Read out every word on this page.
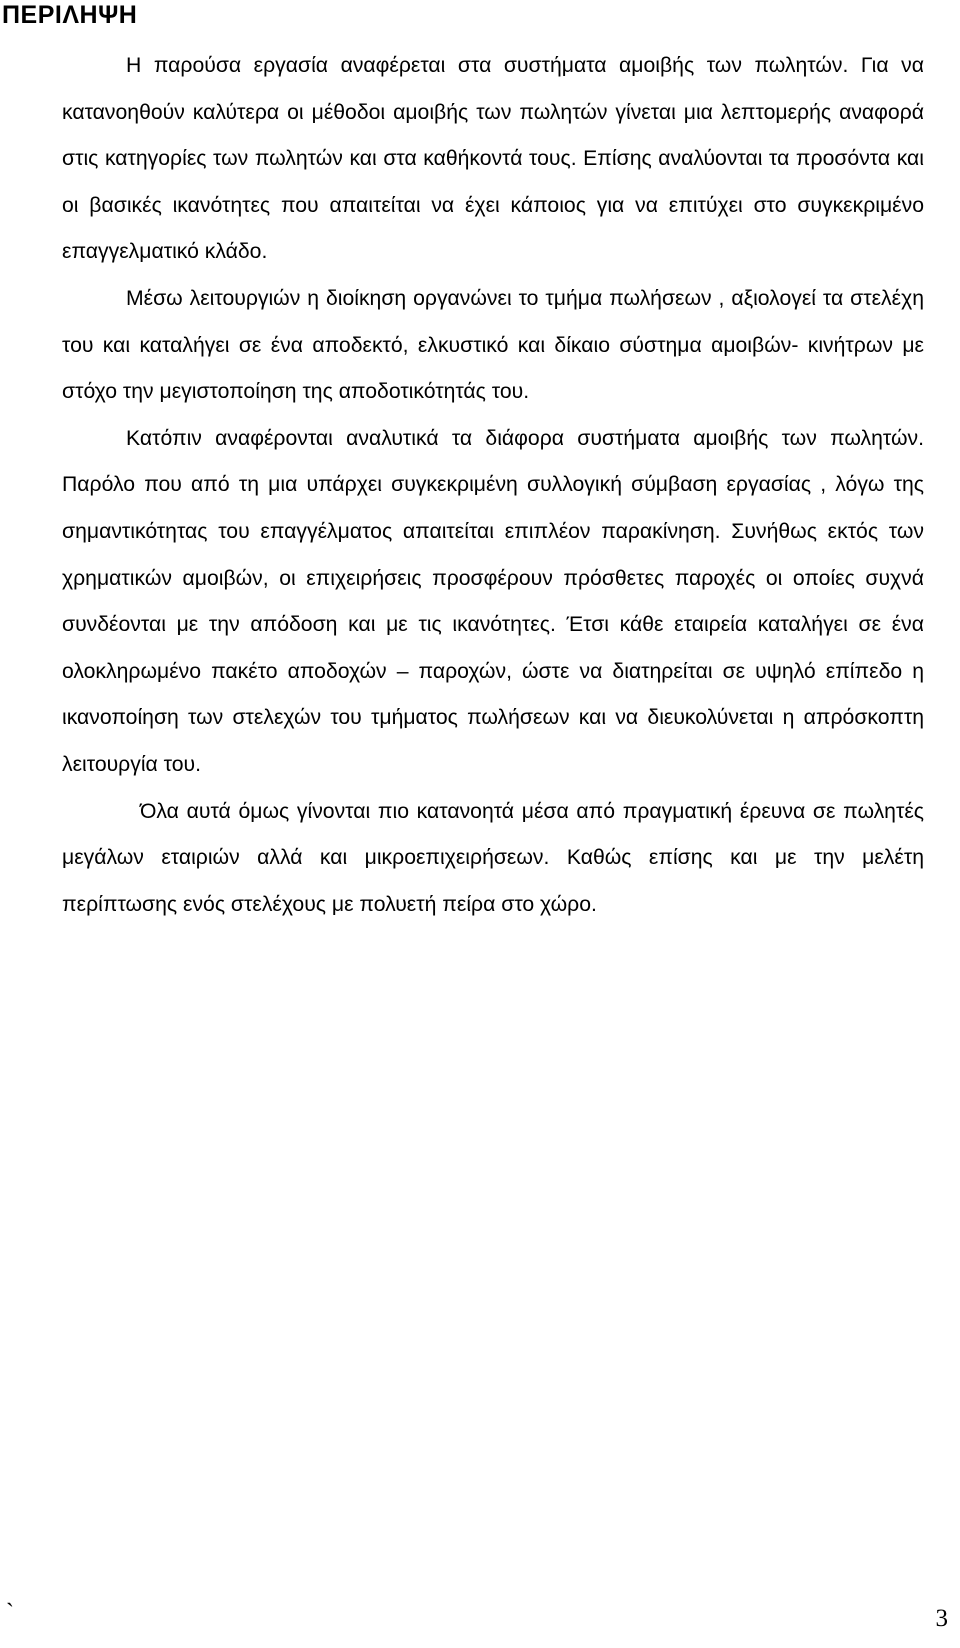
ΠΕΡΙΛΗΨΗ

Η παρούσα εργασία αναφέρεται στα συστήματα αμοιβής των πωλητών. Για να κατανοηθούν καλύτερα οι μέθοδοι αμοιβής των πωλητών γίνεται μια λεπτομερής αναφορά στις κατηγορίες των πωλητών και στα καθήκοντά τους. Επίσης αναλύονται τα προσόντα και οι βασικές ικανότητες που απαιτείται να έχει κάποιος για να επιτύχει στο συγκεκριμένο επαγγελματικό κλάδο.

Μέσω λειτουργιών η διοίκηση οργανώνει το τμήμα πωλήσεων , αξιολογεί τα στελέχη του και καταλήγει σε ένα αποδεκτό, ελκυστικό και δίκαιο σύστημα αμοιβών- κινήτρων με στόχο την μεγιστοποίηση της αποδοτικότητάς του.

Κατόπιν αναφέρονται αναλυτικά τα διάφορα συστήματα αμοιβής των πωλητών. Παρόλο που από τη μια υπάρχει συγκεκριμένη συλλογική σύμβαση εργασίας , λόγω της σημαντικότητας του επαγγέλματος απαιτείται επιπλέον παρακίνηση. Συνήθως εκτός των χρηματικών αμοιβών, οι επιχειρήσεις προσφέρουν πρόσθετες παροχές οι οποίες συχνά συνδέονται με την απόδοση και με τις ικανότητες. Έτσι κάθε εταιρεία καταλήγει σε ένα ολοκληρωμένο πακέτο αποδοχών – παροχών, ώστε να διατηρείται σε υψηλό επίπεδο η ικανοποίηση των στελεχών του τμήματος πωλήσεων και να διευκολύνεται η απρόσκοπτη λειτουργία του.

Όλα αυτά όμως γίνονται πιο κατανοητά μέσα από πραγματική έρευνα σε πωλητές μεγάλων εταιριών αλλά και μικροεπιχειρήσεων. Καθώς επίσης και με την μελέτη περίπτωσης ενός στελέχους με πολυετή πείρα στο χώρο.

`	3
